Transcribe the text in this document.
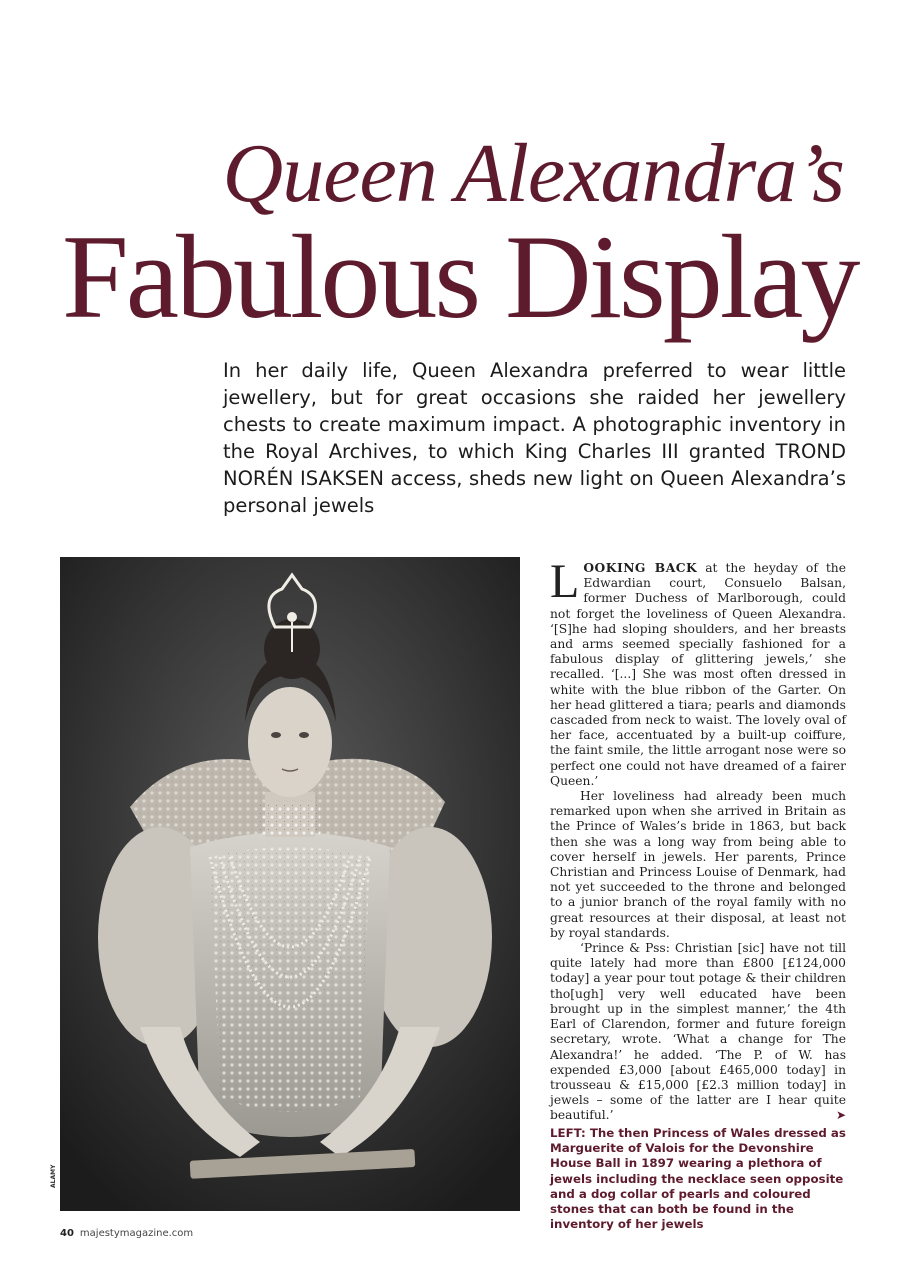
Queen Alexandra’s
Fabulous Display
In her daily life, Queen Alexandra preferred to wear little jewellery, but for great occasions she raided her jewellery chests to create maximum impact. A photographic inventory in the Royal Archives, to which King Charles III granted TROND NORÉN ISAKSEN access, sheds new light on Queen Alexandra’s personal jewels
ALAMY

LOOKING BACK at the heyday of the Edwardian court, Consuelo Balsan, former Duchess of Marlborough, could not forget the loveliness of Queen Alexandra. ‘[S]he had sloping shoulders, and her breasts and arms seemed specially fashioned for a fabulous display of glittering jewels,’ she recalled. ‘[...] She was most often dressed in white with the blue ribbon of the Garter. On her head glittered a tiara; pearls and diamonds cascaded from neck to waist. The lovely oval of her face, accentuated by a built-up coiffure, the faint smile, the little arrogant nose were so perfect one could not have dreamed of a fairer Queen.’

Her loveliness had already been much remarked upon when she arrived in Britain as the Prince of Wales’s bride in 1863, but back then she was a long way from being able to cover herself in jewels. Her parents, Prince Christian and Princess Louise of Denmark, had not yet succeeded to the throne and belonged to a junior branch of the royal family with no great resources at their disposal, at least not by royal standards.

‘Prince & Pss: Christian [sic] have not till quite lately had more than £800 [£124,000 today] a year pour tout potage & their children tho[ugh] very well educated have been brought up in the simplest manner,’ the 4th Earl of Clarendon, former and future foreign secretary, wrote. ‘What a change for The Alexandra!’ he added. ‘The P. of W. has expended £3,000 [about £465,000 today] in trousseau & £15,000 [£2.3 million today] in jewels – some of the latter are I hear quite beautiful.’	➤

LEFT: The then Princess of Wales dressed as Marguerite of Valois for the Devonshire House Ball in 1897 wearing a plethora of jewels including the necklace seen opposite and a dog collar of pearls and coloured stones that can both be found in the inventory of her jewels
40 majestymagazine.com
